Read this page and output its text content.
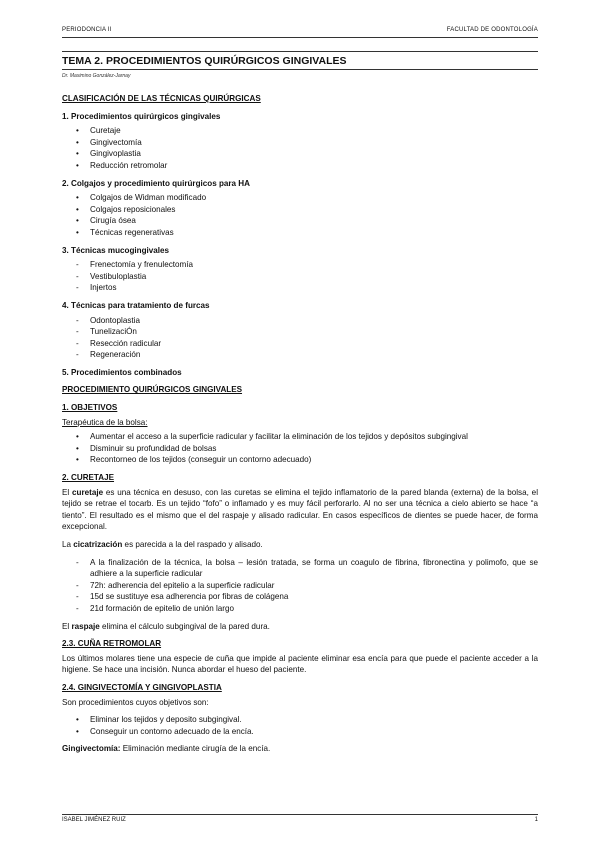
PERIODONCIA II	FACULTAD DE ODONTOLOGÍA
TEMA 2. PROCEDIMIENTOS QUIRÚRGICOS GINGIVALES
Dr. Maximino González-Jarnay
CLASIFICACIÓN DE LAS TÉCNICAS QUIRÚRGICAS
1. Procedimientos quirúrgicos gingivales
• Curetaje
• Gingivectomía
• Gingivoplastia
• Reducción retromolar
2. Colgajos y procedimiento quirúrgicos para HA
• Colgajos de Widman modificado
• Colgajos reposicionales
• Cirugía ósea
• Técnicas regenerativas
3. Técnicas mucogingivales
- Frenectomía y frenulectomía
- Vestibuloplastia
- Injertos
4. Técnicas para tratamiento de furcas
- Odontoplastia
- TunelizaciÓn
- Resección radicular
- Regeneración
5. Procedimientos combinados
PROCEDIMIENTO QUIRÚRGICOS GINGIVALES
1. OBJETIVOS
Terapéutica de la bolsa:
• Aumentar el acceso a la superficie radicular y facilitar la eliminación de los tejidos y depósitos subgingival
• Disminuir su profundidad de bolsas
• Recontorneo de los tejidos (conseguir un contorno adecuado)
2. CURETAJE

El curetaje es una técnica en desuso, con las curetas se elimina el tejido inflamatorio de la pared blanda (externa) de la bolsa, el tejido se retrae el tocarb. Es un tejido “fofo” o inflamado y es muy fácil perforarlo. Al no ser una técnica a cielo abierto se hace “a tiento”. El resultado es el mismo que el del raspaje y alisado radicular. En casos específicos de dientes se puede hacer, de forma excepcional.

La cicatrización es parecida a la del raspado y alisado.

- A la finalización de la técnica, la bolsa – lesión tratada, se forma un coagulo de fibrina, fibronectina y polimofo, que se adhiere a la superficie radicular
- 72h: adherencia del epitelio a la superficie radicular
- 15d se sustituye esa adherencia por fibras de colágena
- 21d formación de epitelio de unión largo

El raspaje elimina el cálculo subgingival de la pared dura.

2.3. CUÑA RETROMOLAR

Los últimos molares tiene una especie de cuña que impide al paciente eliminar esa encía para que puede el paciente acceder a la higiene. Se hace una incisión. Nunca abordar el hueso del paciente.

2.4. GINGIVECTOMÍA Y GINGIVOPLASTIA

Son procedimientos cuyos objetivos son:

• Eliminar los tejidos y deposito subgingival.
• Conseguir un contorno adecuado de la encía.

Gingivectomía: Eliminación mediante cirugía de la encía.

ISABEL JIMÉNEZ RUIZ	1
